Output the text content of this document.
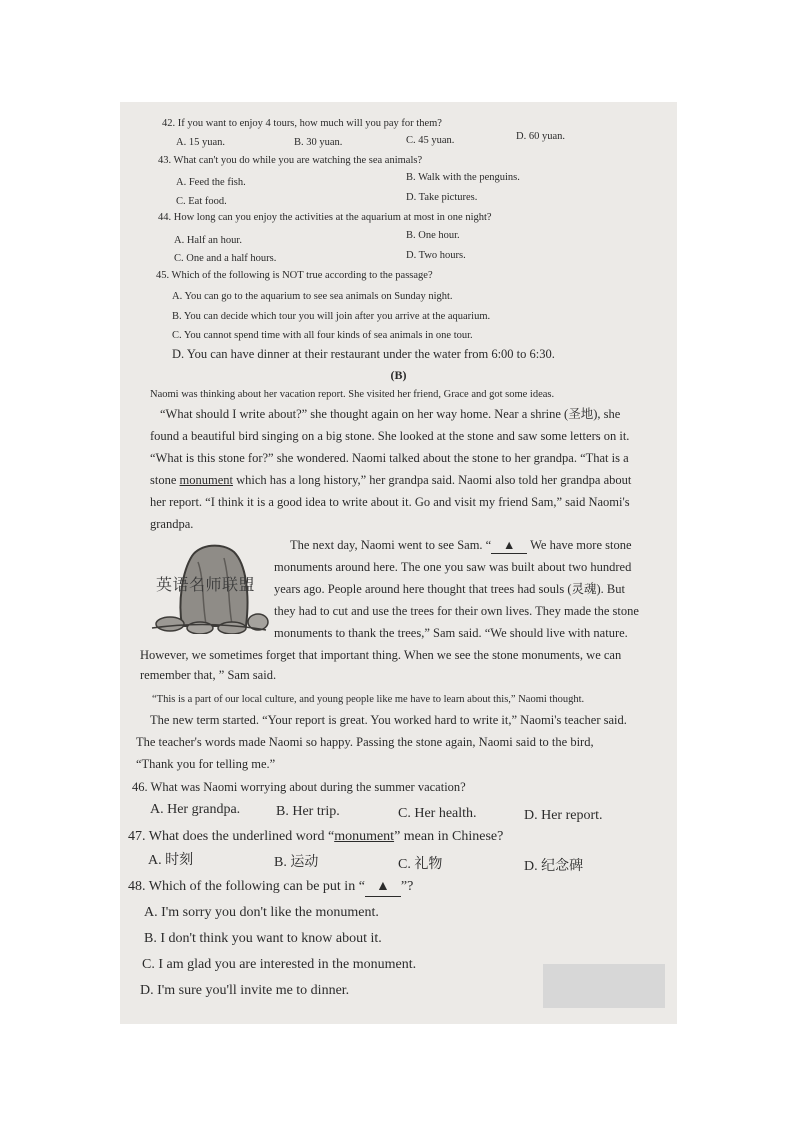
42. If you want to enjoy 4 tours, how much will you pay for them?
A. 15 yuan.	B. 30 yuan.	C. 45 yuan.	D. 60 yuan.
43. What can't you do while you are watching the sea animals?
A. Feed the fish.	B. Walk with the penguins.
C. Eat food.	D. Take pictures.
44. How long can you enjoy the activities at the aquarium at most in one night?
A. Half an hour.	B. One hour.
C. One and a half hours.	D. Two hours.
45. Which of the following is NOT true according to the passage?
A. You can go to the aquarium to see sea animals on Sunday night.
B. You can decide which tour you will join after you arrive at the aquarium.
C. You cannot spend time with all four kinds of sea animals in one tour.
D. You can have dinner at their restaurant under the water from 6:00 to 6:30.
(B)
Naomi was thinking about her vacation report. She visited her friend, Grace and got some ideas.
“What should I write about?” she thought again on her way home. Near a shrine (圣地), she
found a beautiful bird singing on a big stone. She looked at the stone and saw some letters on it.
“What is this stone for?” she wondered. Naomi talked about the stone to her grandpa. “That is a
stone monument which has a long history,” her grandpa said. Naomi also told her grandpa about
her report. “I think it is a good idea to write about it. Go and visit my friend Sam,” said Naomi's
grandpa.
英语名师联盟
The next day, Naomi went to see Sam. “ ▲ We have more stone
monuments around here. The one you saw was built about two hundred
years ago. People around here thought that trees had souls (灵魂). But
they had to cut and use the trees for their own lives. They made the stone
monuments to thank the trees,” Sam said. “We should live with nature.
However, we sometimes forget that important thing. When we see the stone monuments, we can
remember that, ” Sam said.
“This is a part of our local culture, and young people like me have to learn about this,” Naomi thought.
The new term started. “Your report is great. You worked hard to write it,” Naomi's teacher said.
The teacher's words made Naomi so happy. Passing the stone again, Naomi said to the bird,
“Thank you for telling me.”
46. What was Naomi worrying about during the summer vacation?
A. Her grandpa.	B. Her trip.	C. Her health.	D. Her report.
47. What does the underlined word “monument” mean in Chinese?
A. 时刻	B. 运动	C. 礼物	D. 纪念碑
48. Which of the following can be put in “ ▲ ”?
A. I'm sorry you don't like the monument.
B. I don't think you want to know about it.
C. I am glad you are interested in the monument.
D. I'm sure you'll invite me to dinner.
